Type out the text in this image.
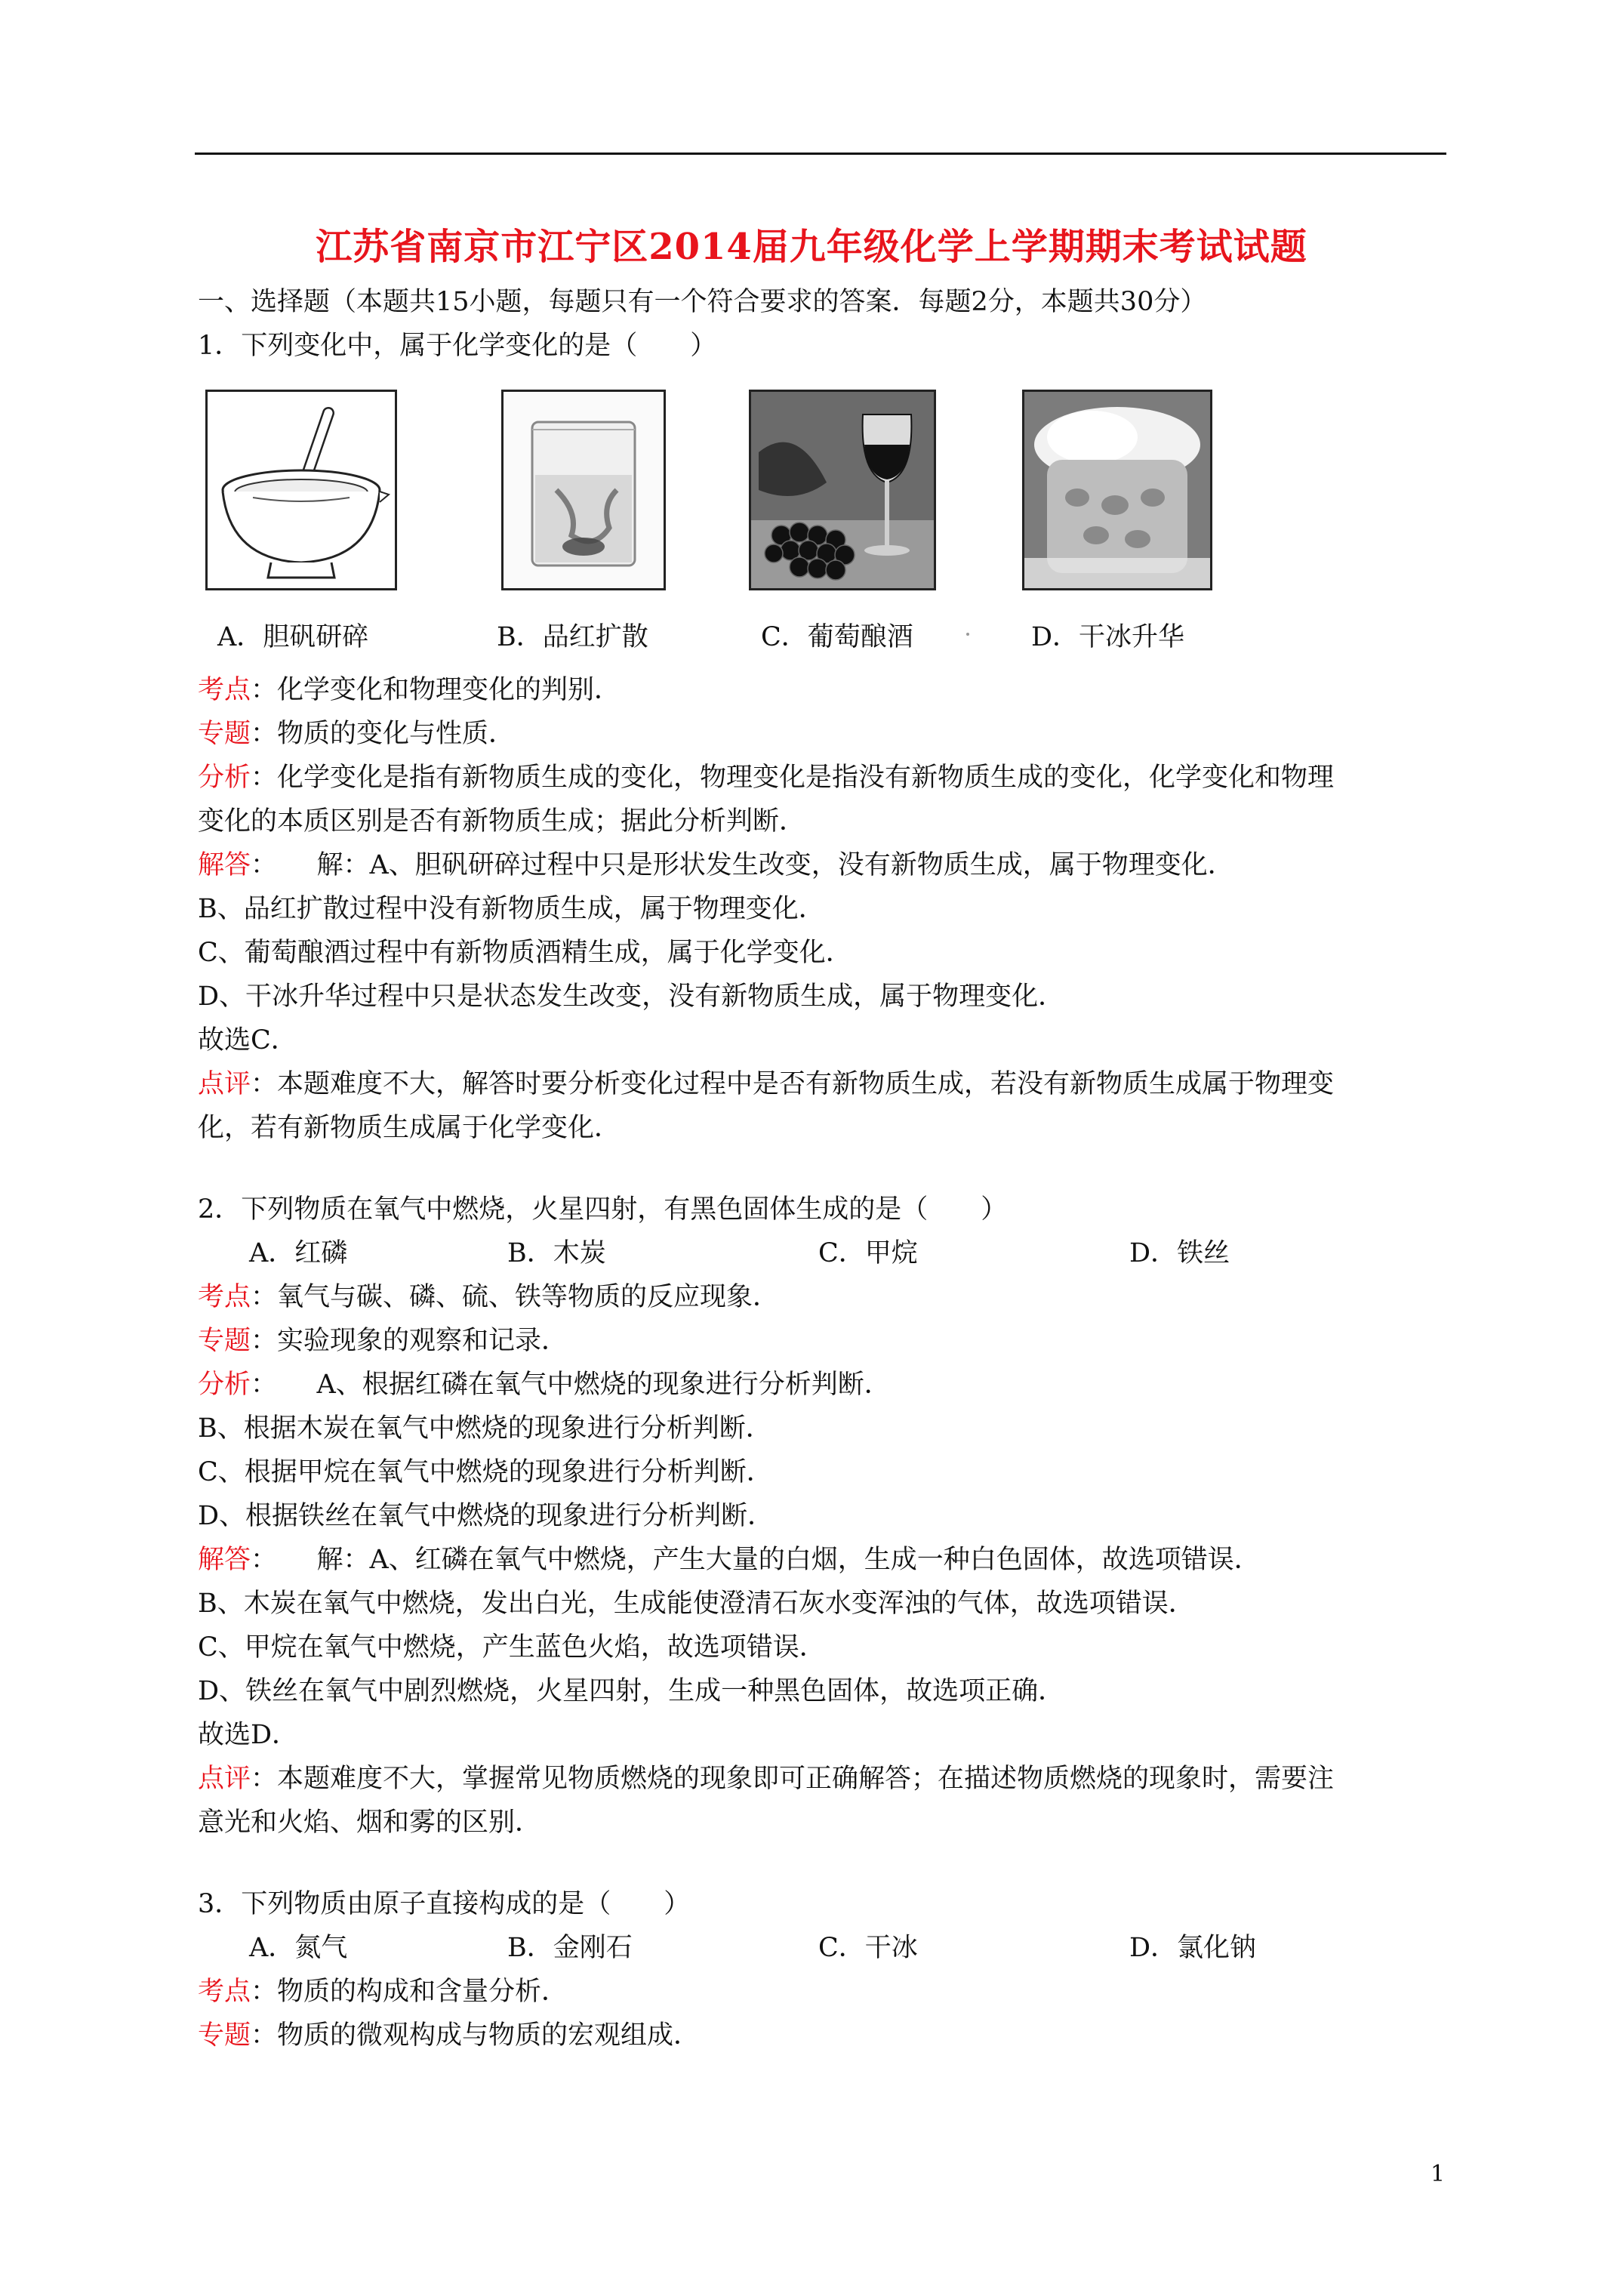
江苏省南京市江宁区2014届九年级化学上学期期末考试试题
一、选择题（本题共15小题，每题只有一个符合要求的答案．每题2分，本题共30分）
1．下列变化中，属于化学变化的是（　　）
A．胆矾研碎	B．品红扩散	C．葡萄酿酒	D．干冰升华
考点：化学变化和物理变化的判别．
专题：物质的变化与性质．
分析：化学变化是指有新物质生成的变化，物理变化是指没有新物质生成的变化，化学变化和物理
变化的本质区别是否有新物质生成；据此分析判断．
解答：　　解：A、胆矾研碎过程中只是形状发生改变，没有新物质生成，属于物理变化．
B、品红扩散过程中没有新物质生成，属于物理变化．
C、葡萄酿酒过程中有新物质酒精生成，属于化学变化．
D、干冰升华过程中只是状态发生改变，没有新物质生成，属于物理变化．
故选C．
点评：本题难度不大，解答时要分析变化过程中是否有新物质生成，若没有新物质生成属于物理变
化，若有新物质生成属于化学变化．
2．下列物质在氧气中燃烧，火星四射，有黑色固体生成的是（　　）
A．红磷	B．木炭	C．甲烷	D．铁丝
考点：氧气与碳、磷、硫、铁等物质的反应现象．
专题：实验现象的观察和记录．
分析：　　A、根据红磷在氧气中燃烧的现象进行分析判断．
B、根据木炭在氧气中燃烧的现象进行分析判断．
C、根据甲烷在氧气中燃烧的现象进行分析判断．
D、根据铁丝在氧气中燃烧的现象进行分析判断．
解答：　　解：A、红磷在氧气中燃烧，产生大量的白烟，生成一种白色固体，故选项错误．
B、木炭在氧气中燃烧，发出白光，生成能使澄清石灰水变浑浊的气体，故选项错误．
C、甲烷在氧气中燃烧，产生蓝色火焰，故选项错误．
D、铁丝在氧气中剧烈燃烧，火星四射，生成一种黑色固体，故选项正确．
故选D．
点评：本题难度不大，掌握常见物质燃烧的现象即可正确解答；在描述物质燃烧的现象时，需要注
意光和火焰、烟和雾的区别．
3．下列物质由原子直接构成的是（　　）
A．氮气	B．金刚石	C．干冰	D．氯化钠
考点：物质的构成和含量分析．
专题：物质的微观构成与物质的宏观组成．
1
